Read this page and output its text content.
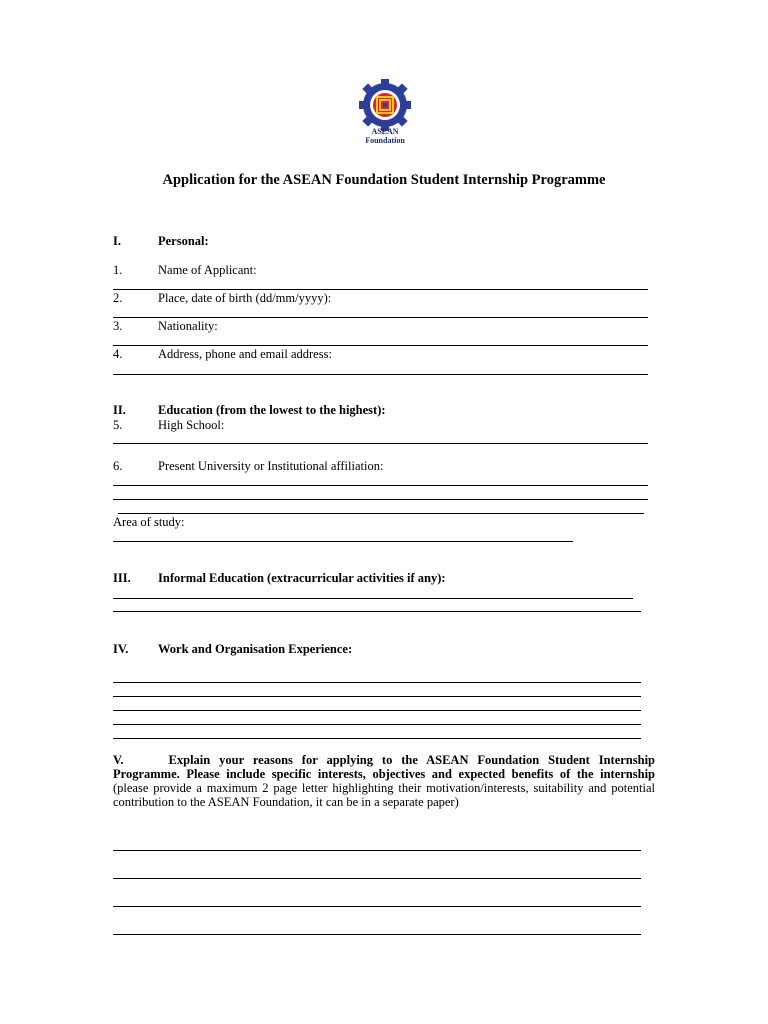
ASEAN
Foundation
Application for the ASEAN Foundation Student Internship Programme
I.	Personal:
1.	Name of Applicant:
2.	Place, date of birth (dd/mm/yyyy):
3.	Nationality:
4.	Address, phone and email address:
II.	Education (from the lowest to the highest):
5.	High School:
6.	Present University or Institutional affiliation:
Area of study:
III. Informal Education (extracurricular activities if any):
IV. Work and Organisation Experience:
V.	Explain your reasons for applying to the ASEAN Foundation Student Internship Programme. Please include specific interests, objectives and expected benefits of the internship (please provide a maximum 2 page letter highlighting their motivation/interests, suitability and potential contribution to the ASEAN Foundation, it can be in a separate paper)
